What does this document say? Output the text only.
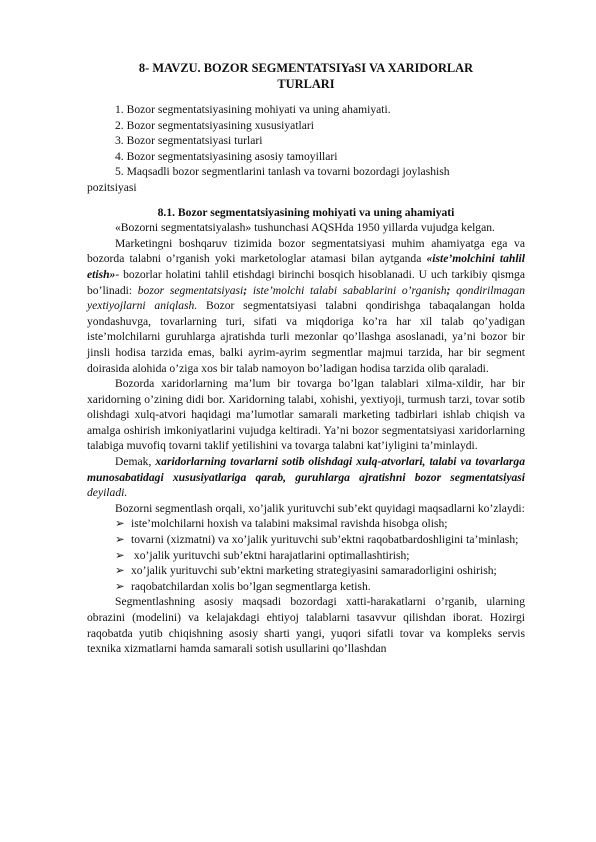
8- MAVZU. BOZOR SEGMENTATSIYaSI VA XARIDORLAR
TURLARI
1. Bozor segmentatsiyasining mohiyati va uning ahamiyati.
2. Bozor segmentatsiyasining xususiyatlari
3. Bozor segmentatsiyasi turlari
4. Bozor segmentatsiyasining asosiy tamoyillari
5. Maqsadli bozor segmentlarini tanlash va tovarni bozordagi joylashish
pozitsiyasi
8.1. Bozor segmentatsiyasining mohiyati va uning ahamiyati

«Bozorni segmentatsiyalash» tushunchasi AQSHda 1950 yillarda vujudga kelgan.

Marketingni boshqaruv tizimida bozor segmentatsiyasi muhim ahamiyatga ega va bozorda talabni o’rganish yoki marketologlar atamasi bilan aytganda «iste’molchini tahlil etish»- bozorlar holatini tahlil etishdagi birinchi bosqich hisoblanadi. U uch tarkibiy qismga bo’linadi: bozor segmentatsiyasi; iste’molchi talabi sabablarini o’rganish; qondirilmagan yextiyojlarni aniqlash. Bozor segmentatsiyasi talabni qondirishga tabaqalangan holda yondashuvga, tovarlarning turi, sifati va miqdoriga ko’ra har xil talab qo’yadigan iste’molchilarni guruhlarga ajratishda turli mezonlar qo’llashga asoslanadi, ya’ni bozor bir jinsli hodisa tarzida emas, balki ayrim-ayrim segmentlar majmui tarzida, har bir segment doirasida alohida o’ziga xos bir talab namoyon bo’ladigan hodisa tarzida olib qaraladi.

Bozorda xaridorlarning ma’lum bir tovarga bo’lgan talablari xilma-xildir, har bir xaridorning o’zining didi bor. Xaridorning talabi, xohishi, yextiyoji, turmush tarzi, tovar sotib olishdagi xulq-atvori haqidagi ma’lumotlar samarali marketing tadbirlari ishlab chiqish va amalga oshirish imkoniyatlarini vujudga keltiradi. Ya’ni bozor segmentatsiyasi xaridorlarning talabiga muvofiq tovarni taklif yetilishini va tovarga talabni kat’iyligini ta’minlaydi.

Demak, xaridorlarning tovarlarni sotib olishdagi xulq-atvorlari, talabi va tovarlarga munosabatidagi xususiyatlariga qarab, guruhlarga ajratishni bozor segmentatsiyasi deyiladi.

Bozorni segmentlash orqali, xo’jalik yurituvchi sub’ekt quyidagi maqsadlarni ko’zlaydi:

➢ iste’molchilarni hoxish va talabini maksimal ravishda hisobga olish;
➢ tovarni (xizmatni) va xo’jalik yurituvchi sub’ektni raqobatbardoshligini ta’minlash;
➢ xo’jalik yurituvchi sub’ektni harajatlarini optimallashtirish;
➢ xo’jalik yurituvchi sub’ektni marketing strategiyasini samaradorligini oshirish;
➢ raqobatchilardan xolis bo’lgan segmentlarga ketish.

Segmentlashning asosiy maqsadi bozordagi xatti-harakatlarni o’rganib, ularning obrazini (modelini) va kelajakdagi ehtiyoj talablarni tasavvur qilishdan iborat. Hozirgi raqobatda yutib chiqishning asosiy sharti yangi, yuqori sifatli tovar va kompleks servis texnika xizmatlarni hamda samarali sotish usullarini qo’llashdan
